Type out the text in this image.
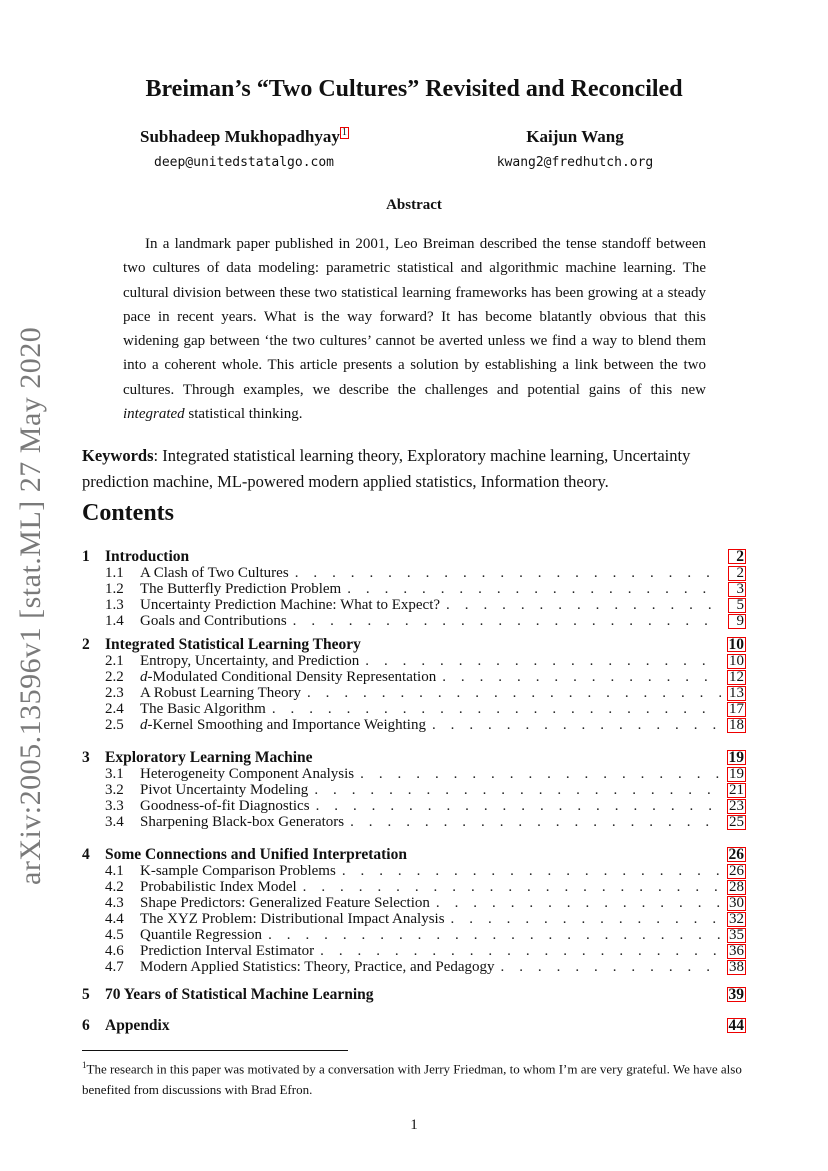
arXiv:2005.13596v1 [stat.ML] 27 May 2020
Breiman’s “Two Cultures” Revisited and Reconciled
Subhadeep Mukhopadhyay 1
deep@unitedstatalgo.com
Kaijun Wang
kwang2@fredhutch.org
Abstract

In a landmark paper published in 2001, Leo Breiman described the tense standoff between two cultures of data modeling: parametric statistical and algorithmic machine learning. The cultural division between these two statistical learning frameworks has been growing at a steady pace in recent years. What is the way forward? It has become blatantly obvious that this widening gap between ‘the two cultures’ cannot be averted unless we find a way to blend them into a coherent whole. This article presents a solution by establishing a link between the two cultures. Through examples, we describe the challenges and potential gains of this new integrated statistical thinking.

Keywords: Integrated statistical learning theory, Exploratory machine learning, Uncertainty prediction machine, ML-powered modern applied statistics, Information theory.
Contents
1 Introduction	2
1.1	A Clash of Two Cultures . . .	2
1.2	The Butterfly Prediction Problem . . .	3
1.3	Uncertainty Prediction Machine: What to Expect? . . .	5
1.4	Goals and Contributions . . .	9
2 Integrated Statistical Learning Theory	10
2.1	Entropy, Uncertainty, and Prediction . . .	10
2.2	d-Modulated Conditional Density Representation . . .	12
2.3	A Robust Learning Theory . . .	13
2.4	The Basic Algorithm . . .	17
2.5	d-Kernel Smoothing and Importance Weighting . . .	18
3 Exploratory Learning Machine	19
3.1	Heterogeneity Component Analysis . . .	19
3.2	Pivot Uncertainty Modeling . . .	21
3.3	Goodness-of-fit Diagnostics . . .	23
3.4	Sharpening Black-box Generators . . .	25
4 Some Connections and Unified Interpretation	26
4.1	K-sample Comparison Problems . . .	26
4.2	Probabilistic Index Model . . .	28
4.3	Shape Predictors: Generalized Feature Selection . . .	30
4.4	The XYZ Problem: Distributional Impact Analysis . . .	32
4.5	Quantile Regression . . .	35
4.6	Prediction Interval Estimator . . .	36
4.7	Modern Applied Statistics: Theory, Practice, and Pedagogy . . .	38
5 70 Years of Statistical Machine Learning	39
6 Appendix	44
$^1$The research in this paper was motivated by a conversation with Jerry Friedman, to whom I’m are very grateful. We have also benefited from discussions with Brad Efron.
1
